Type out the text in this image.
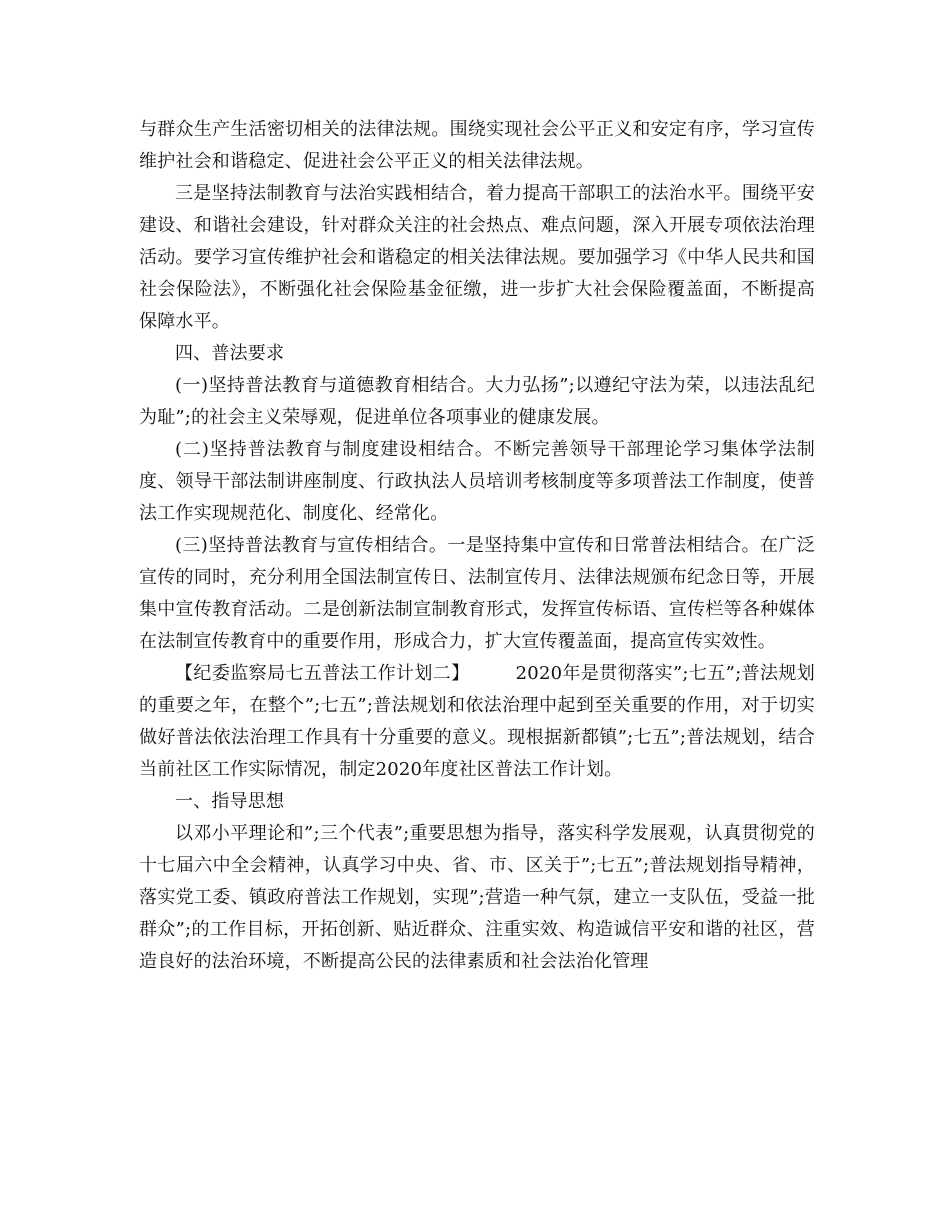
与群众生产生活密切相关的法律法规。围绕实现社会公平正义和安定有序，学习宣传维护社会和谐稳定、促进社会公平正义的相关法律法规。

三是坚持法制教育与法治实践相结合，着力提高干部职工的法治水平。围绕平安建设、和谐社会建设，针对群众关注的社会热点、难点问题，深入开展专项依法治理活动。要学习宣传维护社会和谐稳定的相关法律法规。要加强学习《中华人民共和国社会保险法》，不断强化社会保险基金征缴，进一步扩大社会保险覆盖面，不断提高保障水平。

四、普法要求

(一)坚持普法教育与道德教育相结合。大力弘扬”;以遵纪守法为荣，以违法乱纪为耻”;的社会主义荣辱观，促进单位各项事业的健康发展。

(二)坚持普法教育与制度建设相结合。不断完善领导干部理论学习集体学法制度、领导干部法制讲座制度、行政执法人员培训考核制度等多项普法工作制度，使普法工作实现规范化、制度化、经常化。

(三)坚持普法教育与宣传相结合。一是坚持集中宣传和日常普法相结合。在广泛宣传的同时，充分利用全国法制宣传日、法制宣传月、法律法规颁布纪念日等，开展集中宣传教育活动。二是创新法制宣制教育形式，发挥宣传标语、宣传栏等各种媒体在法制宣传教育中的重要作用，形成合力，扩大宣传覆盖面，提高宣传实效性。

【纪委监察局七五普法工作计划二】	2020年是贯彻落实”;七五”;普法规划的重要之年，在整个”;七五”;普法规划和依法治理中起到至关重要的作用，对于切实做好普法依法治理工作具有十分重要的意义。现根据新都镇”;七五”;普法规划，结合当前社区工作实际情况，制定2020年度社区普法工作计划。

一、指导思想

以邓小平理论和”;三个代表”;重要思想为指导，落实科学发展观，认真贯彻党的十七届六中全会精神，认真学习中央、省、市、区关于”;七五”;普法规划指导精神，落实党工委、镇政府普法工作规划，实现”;营造一种气氛，建立一支队伍，受益一批群众”;的工作目标，开拓创新、贴近群众、注重实效、构造诚信平安和谐的社区，营造良好的法治环境，不断提高公民的法律素质和社会法治化管理
